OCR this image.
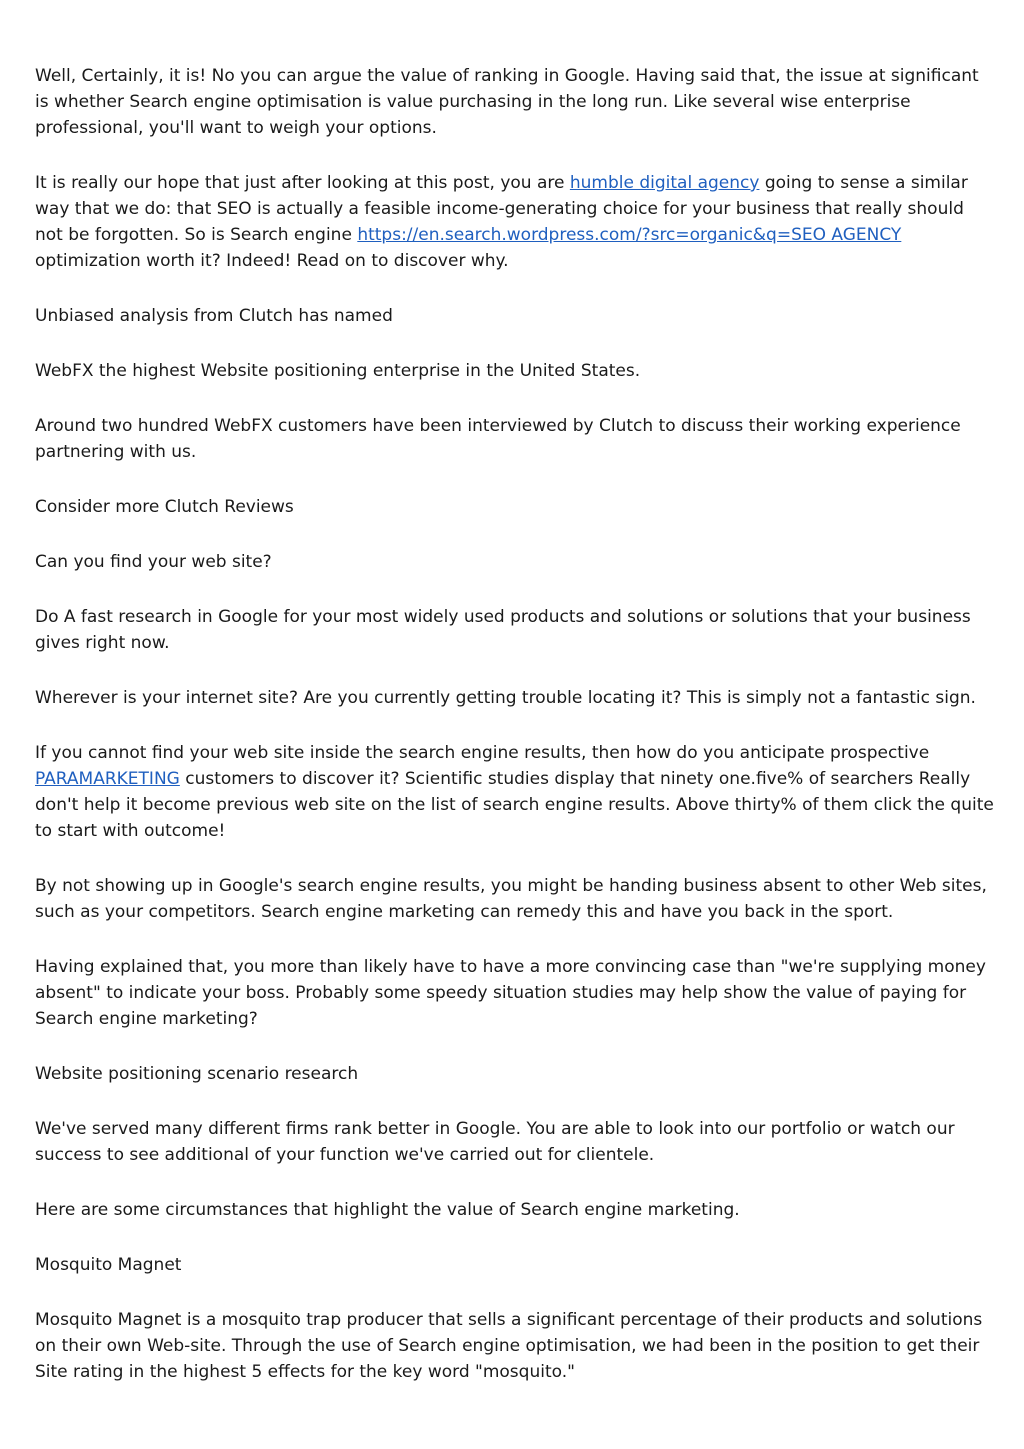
Well, Certainly, it is! No you can argue the value of ranking in Google. Having said that, the issue at significant is whether Search engine optimisation is value purchasing in the long run. Like several wise enterprise professional, you'll want to weigh your options.

It is really our hope that just after looking at this post, you are humble digital agency going to sense a similar way that we do: that SEO is actually a feasible income-generating choice for your business that really should not be forgotten. So is Search engine https://en.search.wordpress.com/?src=organic&q=SEO AGENCY optimization worth it? Indeed! Read on to discover why.

Unbiased analysis from Clutch has named

WebFX the highest Website positioning enterprise in the United States.

Around two hundred WebFX customers have been interviewed by Clutch to discuss their working experience partnering with us.

Consider more Clutch Reviews

Can you find your web site?

Do A fast research in Google for your most widely used products and solutions or solutions that your business gives right now.

Wherever is your internet site? Are you currently getting trouble locating it? This is simply not a fantastic sign.

If you cannot find your web site inside the search engine results, then how do you anticipate prospective PARAMARKETING customers to discover it? Scientific studies display that ninety one.five% of searchers Really don't help it become previous web site on the list of search engine results. Above thirty% of them click the quite to start with outcome!

By not showing up in Google's search engine results, you might be handing business absent to other Web sites, such as your competitors. Search engine marketing can remedy this and have you back in the sport.

Having explained that, you more than likely have to have a more convincing case than "we're supplying money absent" to indicate your boss. Probably some speedy situation studies may help show the value of paying for Search engine marketing?

Website positioning scenario research

We've served many different firms rank better in Google. You are able to look into our portfolio or watch our success to see additional of your function we've carried out for clientele.

Here are some circumstances that highlight the value of Search engine marketing.

Mosquito Magnet

Mosquito Magnet is a mosquito trap producer that sells a significant percentage of their products and solutions on their own Web-site. Through the use of Search engine optimisation, we had been in the position to get their Site rating in the highest 5 effects for the key word "mosquito."
